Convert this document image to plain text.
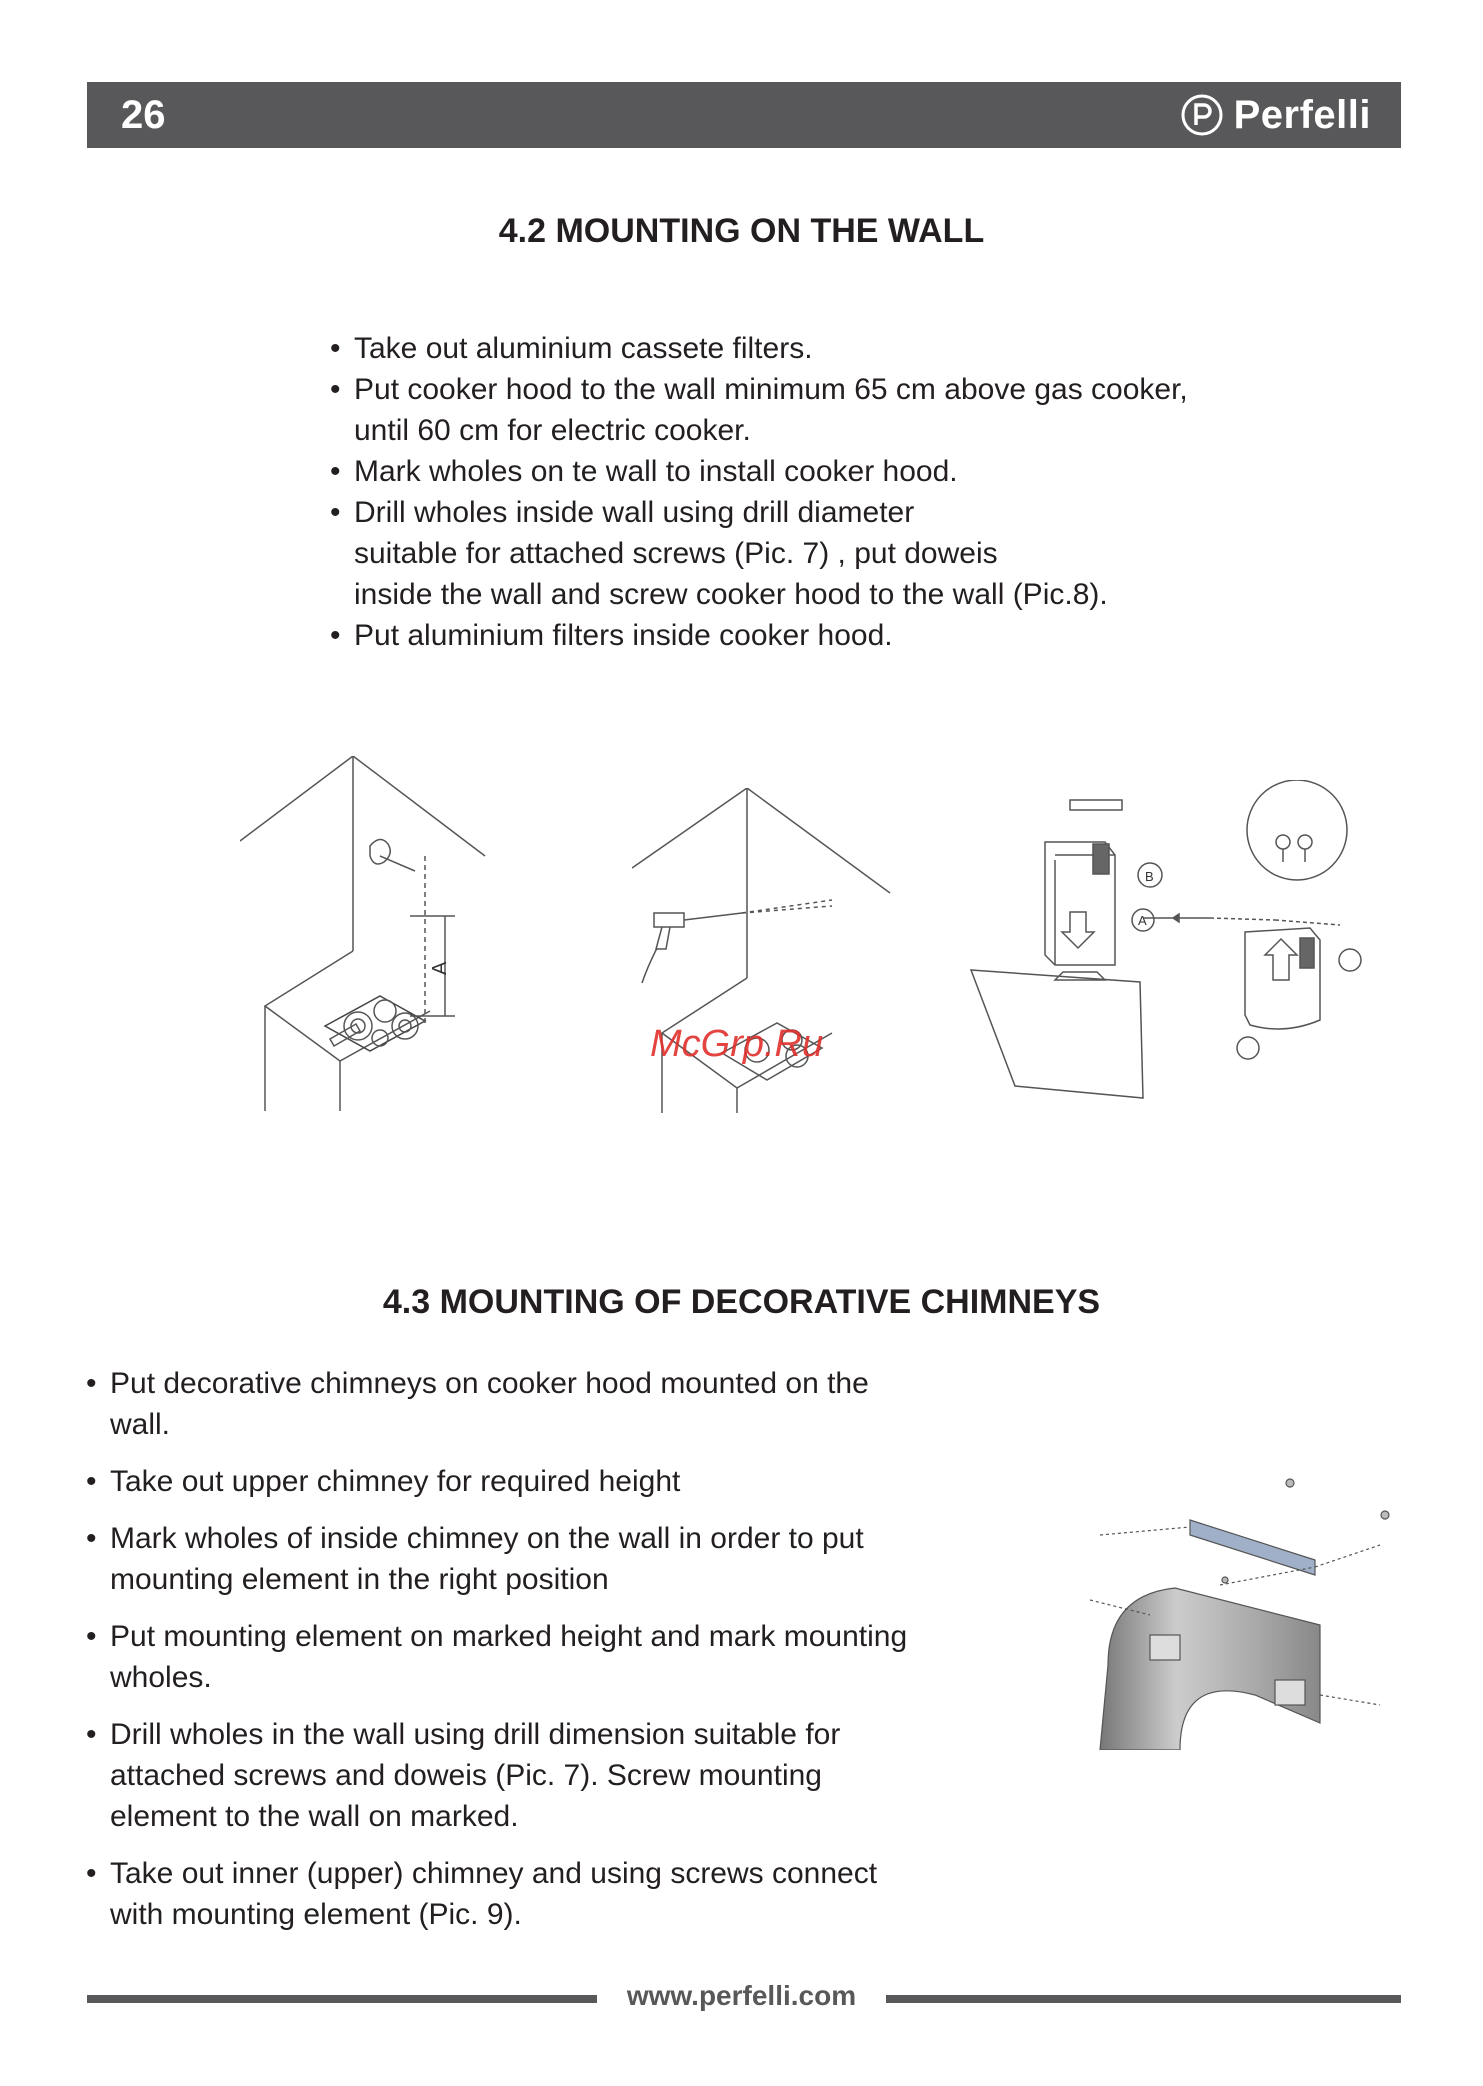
26	Perfelli
4.2 MOUNTING ON THE WALL
• Take out aluminium cassete filters.
• Put cooker hood to the wall minimum 65 cm above gas cooker,
until 60 cm for electric cooker.
• Mark wholes on te wall to install cooker hood.
• Drill wholes inside wall using drill diameter
suitable for attached screws (Pic. 7) , put doweis
inside the wall and screw cooker hood to the wall (Pic.8).
• Put aluminium filters inside cooker hood.
A
B
A
McGrp.Ru
4.3 MOUNTING OF DECORATIVE CHIMNEYS
• Put decorative chimneys on cooker hood mounted on the
wall.
• Take out upper chimney for required height
• Mark wholes of inside chimney on the wall in order to put
mounting element in the right position
• Put mounting element on marked height and mark mounting
wholes.
• Drill wholes in the wall using drill dimension suitable for
attached screws and doweis (Pic. 7). Screw mounting
element to the wall on marked.
• Take out inner (upper) chimney and using screws connect
with mounting element (Pic. 9).
www.perfelli.com
